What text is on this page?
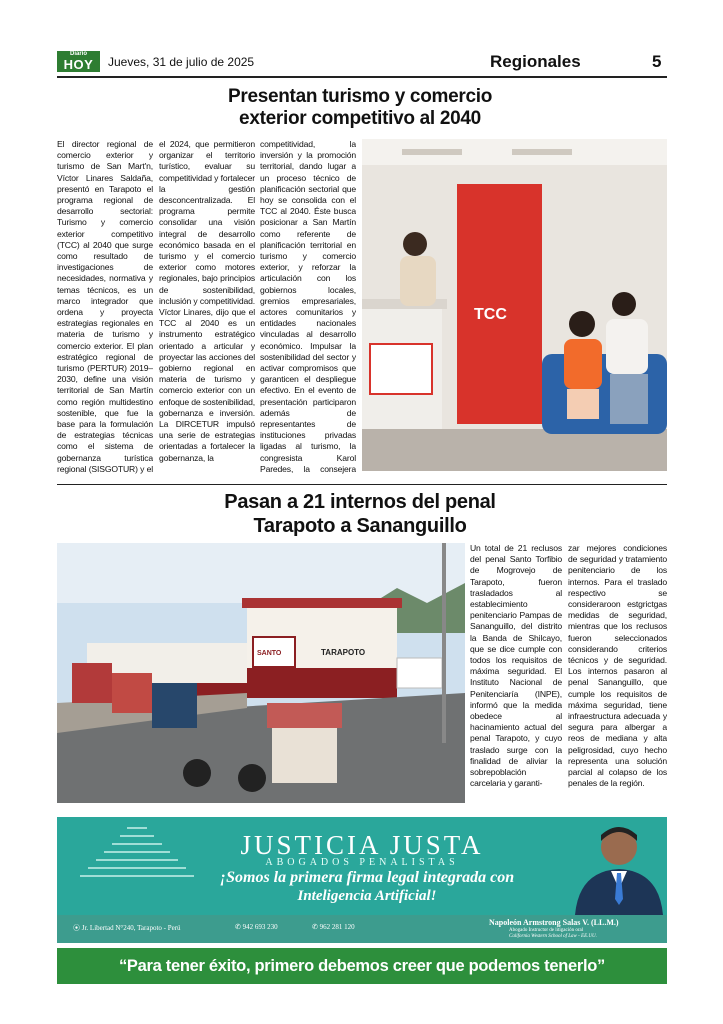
Diario
HOY	Jueves, 31 de julio de 2025	Regionales	5
Presentan turismo y comercio
exterior competitivo al 2040
El director regional de comercio exterior y turismo de San Mart'n, Víctor Linares Saldaña, presentó en Tarapoto el programa regional de desarrollo sectorial: Turismo y comercio exterior competitivo (TCC) al 2040 que surge como resultado de investigaciones de necesidades, normativa y temas técnicos, es un marco integrador que ordena y proyecta estrategias regionales en materia de turismo y comercio exterior. El plan estratégico regional de turismo (PERTUR) 2019–2030, define una visión territorial de San Martín como región multidestino sostenible, que fue la base para la formulación de estrategias técnicas como el sistema de gobernanza turística regional (SISGOTUR) y el
el 2024, que permitieron organizar el territorio turístico, evaluar su competitividad y fortalecer la gestión desconcentralizada. El programa permite consolidar una visión integral de desarrollo económico basada en el turismo y el comercio exterior como motores regionales, bajo principios de sostenibilidad, inclusión y competitividad. Víctor Linares, dijo que el TCC al 2040 es un instrumento estratégico orientado a articular y proyectar las acciones del gobierno regional en materia de turismo y comercio exterior con un enfoque de sostenibilidad, gobernanza e inversión. La DIRCETUR impulsó una serie de estrategias orientadas a fortalecer la gobernanza, la
competitividad, la inversión y la promoción territorial, dando lugar a un proceso técnico de planificación sectorial que hoy se consolida con el TCC al 2040. Éste busca posicionar a San Martín como referente de planificación territorial en turismo y comercio exterior, y reforzar la articulación con los gobiernos locales, gremios empresariales, actores comunitarios y entidades nacionales vinculadas al desarrollo económico. Impulsar la sostenibilidad del sector y activar compromisos que garanticen el despliegue efectivo. En el evento de presentación participaron además de representantes de instituciones privadas ligadas al turismo, la congresista Karol Paredes, la consejera
TCC
Pasan a 21 internos del penal
Tarapoto a Sananguillo
SANTO	TARAPOTO
Un total de 21 reclusos del penal Santo Torfibio de Mogrovejo de Tarapoto, fueron trasladados al establecimiento penitenciario Pampas de Sananguillo, del distrito la Banda de Shilcayo, que se dice cumple con todos los requisitos de máxima seguridad. El Instituto Nacional de Penitenciaría (INPE), informó que la medida obedece al hacinamiento actual del penal Tarapoto, y cuyo traslado surge con la finalidad de aliviar la sobrepoblación carcelaria y garanti-
zar mejores condiciones de seguridad y tratamiento penitenciario de los internos. Para el traslado respectivo se consideraroon estgrictgas medidas de seguridad, mientras que los reclusos fueron seleccionados considerando criterios técnicos y de seguridad. Los internos pasaron al penal Sananguillo, que cumple los requisitos de máxima seguridad, tiene infraestructura adecuada y segura para albergar a reos de mediana y alta peligrosidad, cuyo hecho representa una solución parcial al colapso de los penales de la región.
JUSTICIA JUSTA
ABOGADOS PENALISTAS
¡Somos la primera firma legal integrada con
Inteligencia Artificial!
⦿ Jr. Libertad N°240, Tarapoto - Perú	✆ 942 693 230	✆ 962 281 120	Napoleón Armstrong Salas V. (LL.M.)
Abogado Instructor de litigación oral
California Western School of Law - EE.UU.
“Para tener éxito, primero debemos creer que podemos tenerlo”
